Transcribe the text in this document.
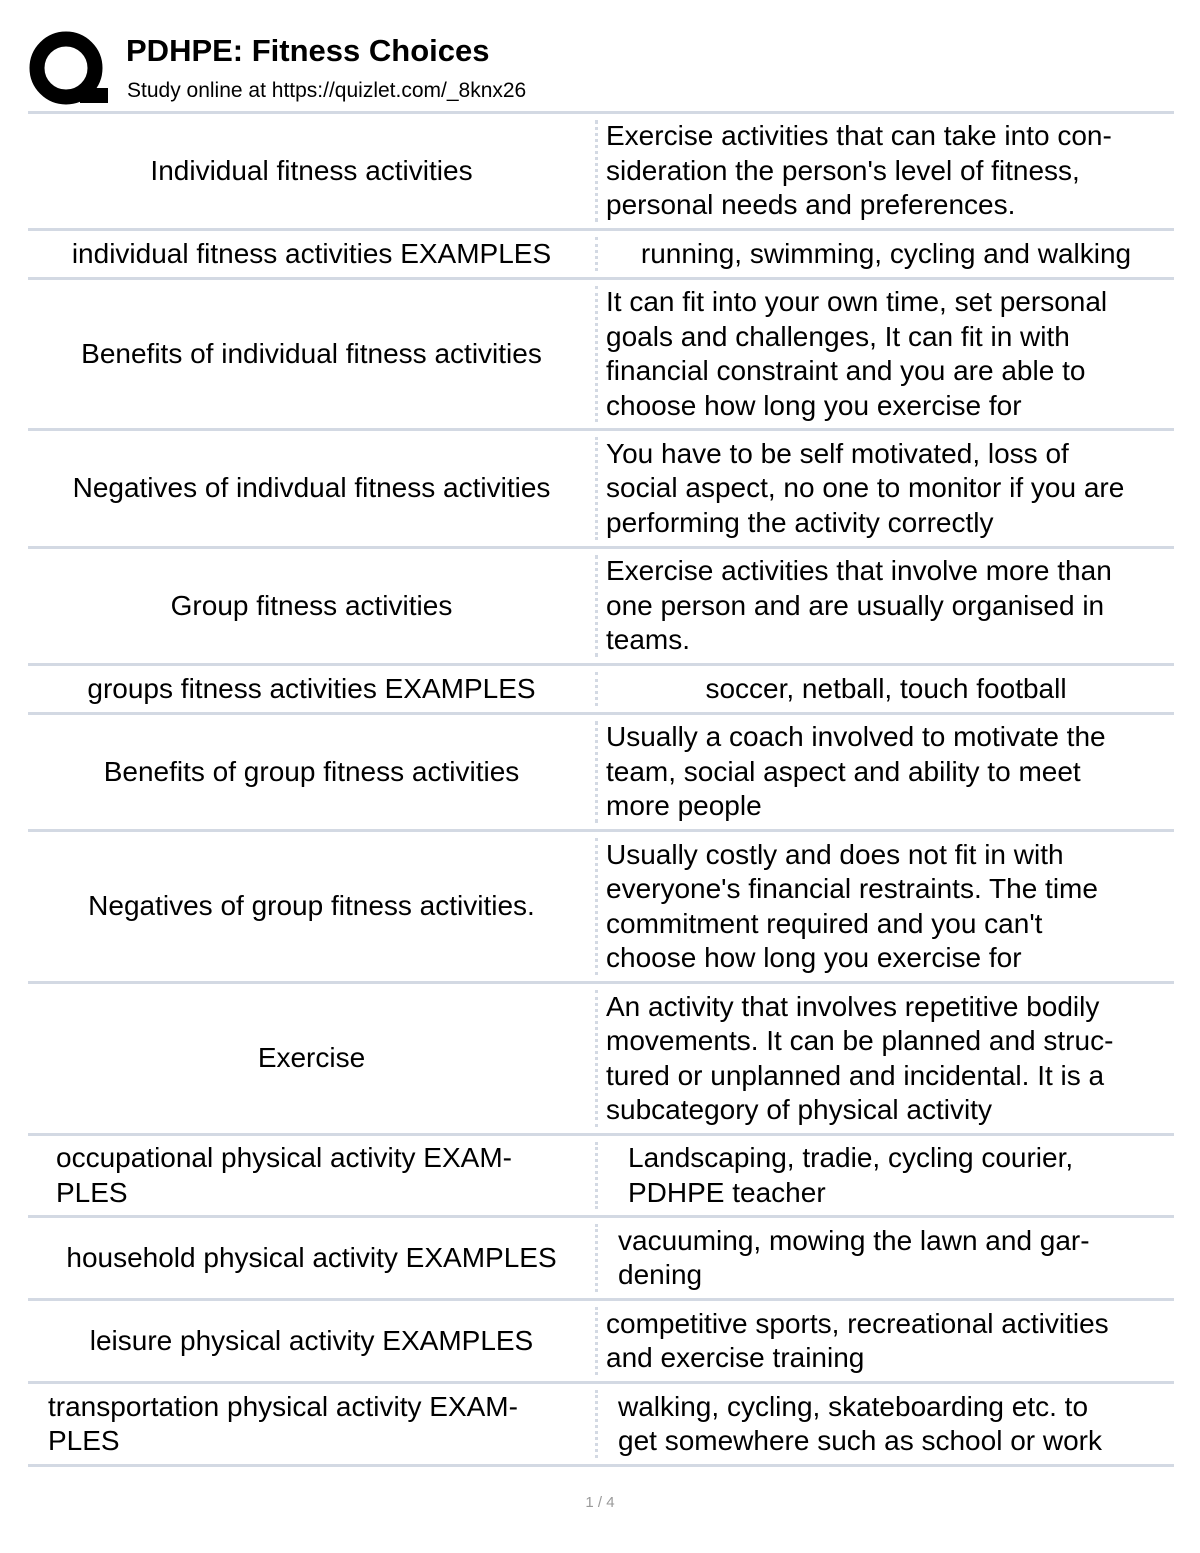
PDHPE: Fitness Choices
Study online at https://quizlet.com/_8knx26
Individual fitness activities
Exercise activities that can take into con-
sideration the person's level of fitness,
personal needs and preferences.
individual fitness activities EXAMPLES	running, swimming, cycling and walking
Benefits of individual fitness activities
It can fit into your own time, set personal
goals and challenges, It can fit in with
financial constraint and you are able to
choose how long you exercise for
Negatives of indivdual fitness activities
You have to be self motivated, loss of
social aspect, no one to monitor if you are
performing the activity correctly
Group fitness activities
Exercise activities that involve more than
one person and are usually organised in
teams.
groups fitness activities EXAMPLES	soccer, netball, touch football
Benefits of group fitness activities
Usually a coach involved to motivate the
team, social aspect and ability to meet
more people
Negatives of group fitness activities.
Usually costly and does not fit in with
everyone's financial restraints. The time
commitment required and you can't
choose how long you exercise for
Exercise
An activity that involves repetitive bodily
movements. It can be planned and struc-
tured or unplanned and incidental. It is a
subcategory of physical activity
occupational physical activity EXAM-
PLES
Landscaping, tradie, cycling courier,
PDHPE teacher
household physical activity EXAMPLES
vacuuming, mowing the lawn and gar-
dening
leisure physical activity EXAMPLES
competitive sports, recreational activities
and exercise training
transportation physical activity EXAM-
PLES
walking, cycling, skateboarding etc. to
get somewhere such as school or work
1 / 4
